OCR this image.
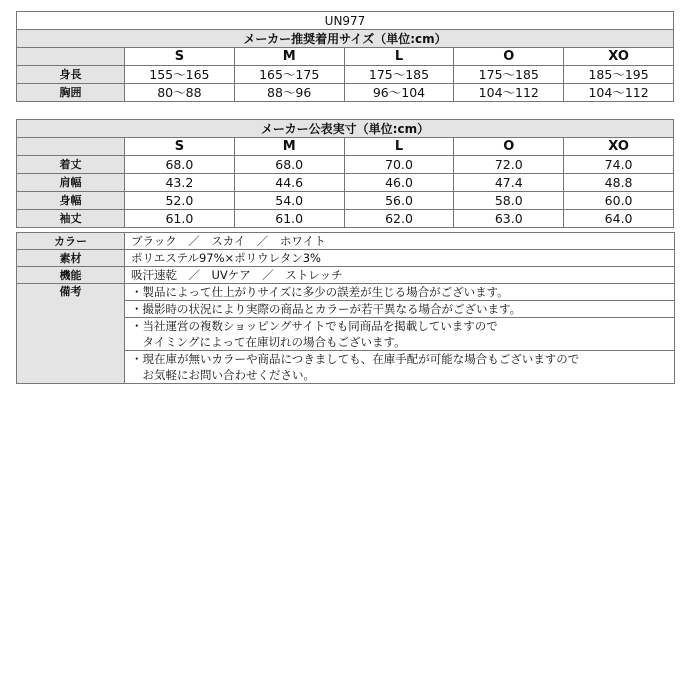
UN977					
メーカー推奨着用サイズ（単位:cm）					
	S	M	L	O	XO
身長	155〜165	165〜175	175〜185	175〜185	185〜195
胸囲	80〜88	88〜96	96〜104	104〜112	104〜112
メーカー公表実寸（単位:cm）					
	S	M	L	O	XO
着丈	68.0	68.0	70.0	72.0	74.0
肩幅	43.2	44.6	46.0	47.4	48.8
身幅	52.0	54.0	56.0	58.0	60.0
袖丈	61.0	61.0	62.0	63.0	64.0
カラー	ブラック　／　スカイ　／　ホワイト
素材	ポリエステル97%×ポリウレタン3%
機能	吸汗速乾　／　UVケア　／　ストレッチ
備考	・製品によって仕上がりサイズに多少の誤差が生じる場合がございます。
	・撮影時の状況により実際の商品とカラーが若干異なる場合がございます。
	・当社運営の複数ショッピングサイトでも同商品を掲載していますので
	　タイミングによって在庫切れの場合もございます。
	・現在庫が無いカラーや商品につきましても、在庫手配が可能な場合もございますので
	　お気軽にお問い合わせください。
